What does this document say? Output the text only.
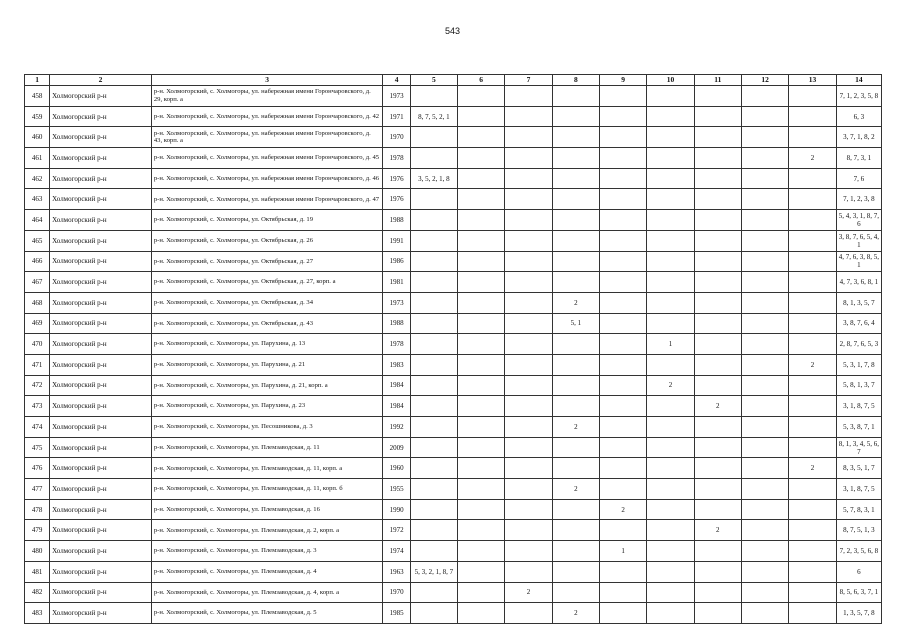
543
1	2	3	4	5	6	7	8	9	10	11	12	13	14
458	Холмогорский р-н	р-н. Холмогорский, с. Холмогоры, ул. набережная имени Горончаровского, д. 29, корп. а	1973										7, 1, 2, 3, 5, 8
459	Холмогорский р-н	р-н. Холмогорский, с. Холмогоры, ул. набережная имени Горончаровского, д. 42	1971	8, 7, 5, 2, 1									6, 3
460	Холмогорский р-н	р-н. Холмогорский, с. Холмогоры, ул. набережная имени Горончаровского, д. 43, корп. а	1970										3, 7, 1, 8, 2
461	Холмогорский р-н	р-н. Холмогорский, с. Холмогоры, ул. набережная имени Горончаровского, д. 45	1978									2	8, 7, 3, 1
462	Холмогорский р-н	р-н. Холмогорский, с. Холмогоры, ул. набережная имени Горончаровского, д. 46	1976	3, 5, 2, 1, 8									7, 6
463	Холмогорский р-н	р-н. Холмогорский, с. Холмогоры, ул. набережная имени Горончаровского, д. 47	1976										7, 1, 2, 3, 8
464	Холмогорский р-н	р-н. Холмогорский, с. Холмогоры, ул. Октябрьская, д. 19	1988										5, 4, 3, 1, 8, 7, 6
465	Холмогорский р-н	р-н. Холмогорский, с. Холмогоры, ул. Октябрьская, д. 26	1991										3, 8, 7, 6, 5, 4, 1
466	Холмогорский р-н	р-н. Холмогорский, с. Холмогоры, ул. Октябрьская, д. 27	1986										4, 7, 6, 3, 8, 5, 1
467	Холмогорский р-н	р-н. Холмогорский, с. Холмогоры, ул. Октябрьская, д. 27, корп. а	1981										4, 7, 3, 6, 8, 1
468	Холмогорский р-н	р-н. Холмогорский, с. Холмогоры, ул. Октябрьская, д. 34	1973				2						8, 1, 3, 5, 7
469	Холмогорский р-н	р-н. Холмогорский, с. Холмогоры, ул. Октябрьская, д. 43	1988				5, 1						3, 8, 7, 6, 4
470	Холмогорский р-н	р-н. Холмогорский, с. Холмогоры, ул. Парухина, д. 13	1978						1				2, 8, 7, 6, 5, 3
471	Холмогорский р-н	р-н. Холмогорский, с. Холмогоры, ул. Парухина, д. 21	1983									2	5, 3, 1, 7, 8
472	Холмогорский р-н	р-н. Холмогорский, с. Холмогоры, ул. Парухина, д. 21, корп. а	1984						2				5, 8, 1, 3, 7
473	Холмогорский р-н	р-н. Холмогорский, с. Холмогоры, ул. Парухина, д. 23	1984							2			3, 1, 8, 7, 5
474	Холмогорский р-н	р-н. Холмогорский, с. Холмогоры, ул. Песошникова, д. 3	1992				2						5, 3, 8, 7, 1
475	Холмогорский р-н	р-н. Холмогорский, с. Холмогоры, ул. Племзаводская, д. 11	2009										8, 1, 3, 4, 5, 6, 7
476	Холмогорский р-н	р-н. Холмогорский, с. Холмогоры, ул. Племзаводская, д. 11, корп. а	1960									2	8, 3, 5, 1, 7
477	Холмогорский р-н	р-н. Холмогорский, с. Холмогоры, ул. Племзаводская, д. 11, корп. б	1955				2						3, 1, 8, 7, 5
478	Холмогорский р-н	р-н. Холмогорский, с. Холмогоры, ул. Племзаводская, д. 16	1990					2					5, 7, 8, 3, 1
479	Холмогорский р-н	р-н. Холмогорский, с. Холмогоры, ул. Племзаводская, д. 2, корп. а	1972							2			8, 7, 5, 1, 3
480	Холмогорский р-н	р-н. Холмогорский, с. Холмогоры, ул. Племзаводская, д. 3	1974					1					7, 2, 3, 5, 6, 8
481	Холмогорский р-н	р-н. Холмогорский, с. Холмогоры, ул. Племзаводская, д. 4	1963	5, 3, 2, 1, 8, 7									6
482	Холмогорский р-н	р-н. Холмогорский, с. Холмогоры, ул. Племзаводская, д. 4, корп. а	1970			2							8, 5, 6, 3, 7, 1
483	Холмогорский р-н	р-н. Холмогорский, с. Холмогоры, ул. Племзаводская, д. 5	1985				2						1, 3, 5, 7, 8
